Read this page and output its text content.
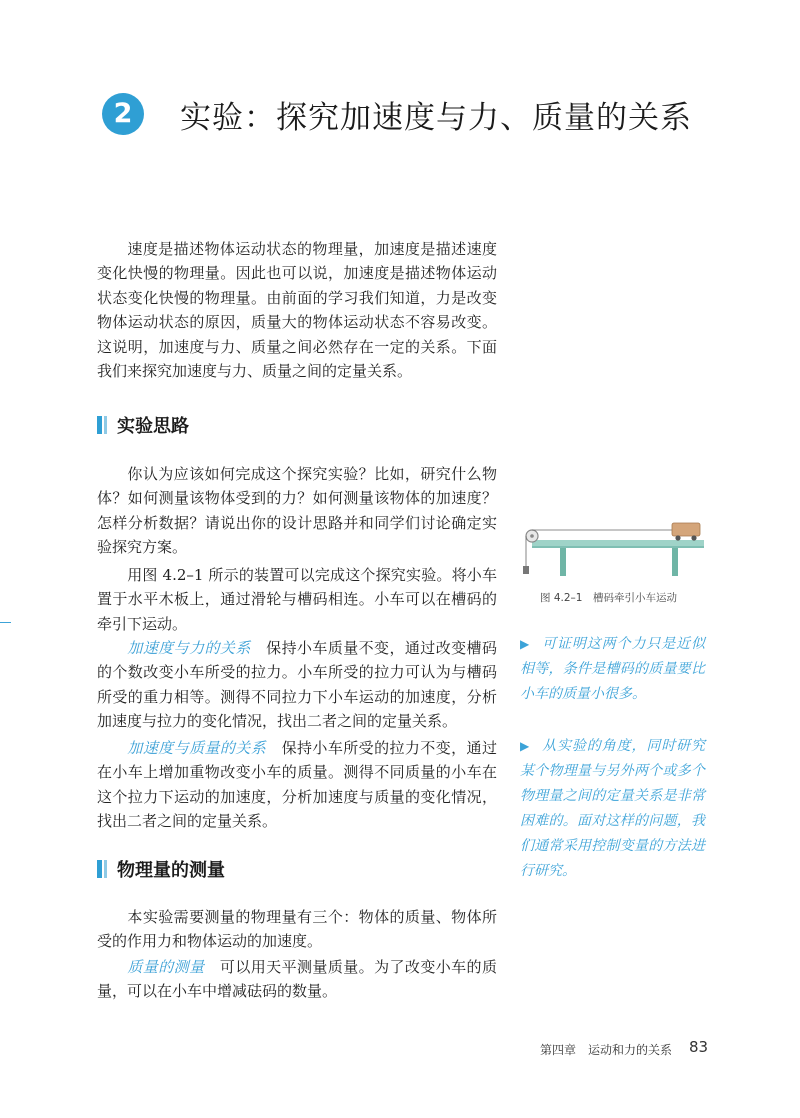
2	实验：探究加速度与力、质量的关系

速度是描述物体运动状态的物理量，加速度是描述速度变化快慢的物理量。因此也可以说，加速度是描述物体运动状态变化快慢的物理量。由前面的学习我们知道，力是改变物体运动状态的原因，质量大的物体运动状态不容易改变。这说明，加速度与力、质量之间必然存在一定的关系。下面我们来探究加速度与力、质量之间的定量关系。

实验思路

你认为应该如何完成这个探究实验？比如，研究什么物体？如何测量该物体受到的力？如何测量该物体的加速度？怎样分析数据？请说出你的设计思路并和同学们讨论确定实验探究方案。

用图 4.2–1 所示的装置可以完成这个探究实验。将小车置于水平木板上，通过滑轮与槽码相连。小车可以在槽码的牵引下运动。

加速度与力的关系　 保持小车质量不变，通过改变槽码的个数改变小车所受的拉力。小车所受的拉力可认为与槽码所受的重力相等。测得不同拉力下小车运动的加速度，分析加速度与拉力的变化情况，找出二者之间的定量关系。

加速度与质量的关系　 保持小车所受的拉力不变，通过在小车上增加重物改变小车的质量。测得不同质量的小车在这个拉力下运动的加速度，分析加速度与质量的变化情况，找出二者之间的定量关系。

物理量的测量

本实验需要测量的物理量有三个：物体的质量、物体所受的作用力和物体运动的加速度。

质量的测量　 可以用天平测量质量。为了改变小车的质量，可以在小车中增减砝码的数量。

图 4.2–1　槽码牵引小车运动

▶ 可证明这两个力只是近似相等，条件是槽码的质量要比小车的质量小很多。

▶ 从实验的角度，同时研究某个物理量与另外两个或多个物理量之间的定量关系是非常困难的。面对这样的问题，我们通常采用控制变量的方法进行研究。

第四章　运动和力的关系 83
